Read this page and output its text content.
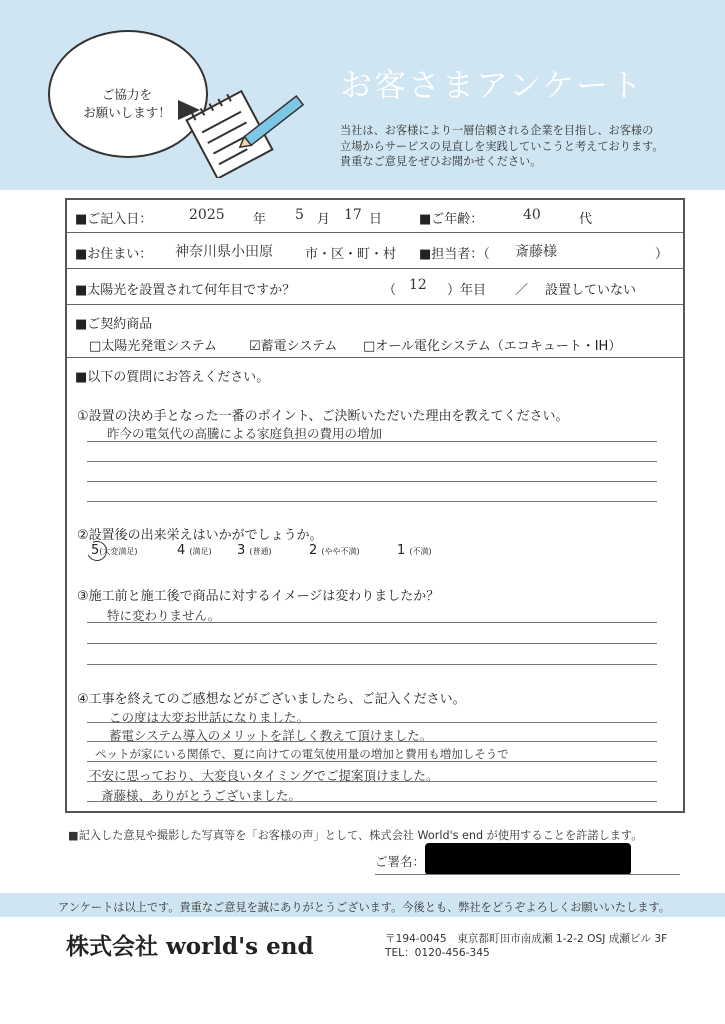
ご協力を
お願いします！
お客さまアンケート
当社は、お客様により一層信頼される企業を目指し、お客様の
立場からサービスの見直しを実践していこうと考えております。
貴重なご意見をぜひお聞かせください。
■ご記入日：	2025 年 5 月 17 日	■ご年齢：	40	代
■お住まい： 神奈川県小田原 市・区・町・村 ■担当者：（ 斎藤様	）
■太陽光を設置されて何年目ですか？	（ 12 ）年目 ／ 設置していない
■ご契約商品
□太陽光発電システム ☑蓄電システム □オール電化システム（エコキュート・IH）
■以下の質問にお答えください。
①設置の決め手となった一番のポイント、ご決断いただいた理由を教えてください。
昨今の電気代の高騰による家庭負担の費用の増加
②設置後の出来栄えはいかがでしょうか。
5(大変満足)	4 (満足) 3 (普通)	2 (やや不満)	1 (不満)
③施工前と施工後で商品に対するイメージは変わりましたか？
特に変わりません。
④工事を終えてのご感想などがございましたら、ご記入ください。
この度は大変お世話になりました。
蓄電システム導入のメリットを詳しく教えて頂けました。
ペットが家にいる関係で、夏に向けての電気使用量の増加と費用も増加しそうで
不安に思っており、大変良いタイミングでご提案頂けました。
斎藤様、ありがとうございました。
■記入した意見や撮影した写真等を「お客様の声」として、株式会社 World's end が使用することを許諾します。
ご署名：
アンケートは以上です。貴重なご意見を誠にありがとうございます。今後とも、弊社をどうぞよろしくお願いいたします。
株式会社 world's end	〒194-0045　東京都町田市南成瀬 1-2-2 OSJ 成瀬ビル 3F
TEL：0120-456-345
